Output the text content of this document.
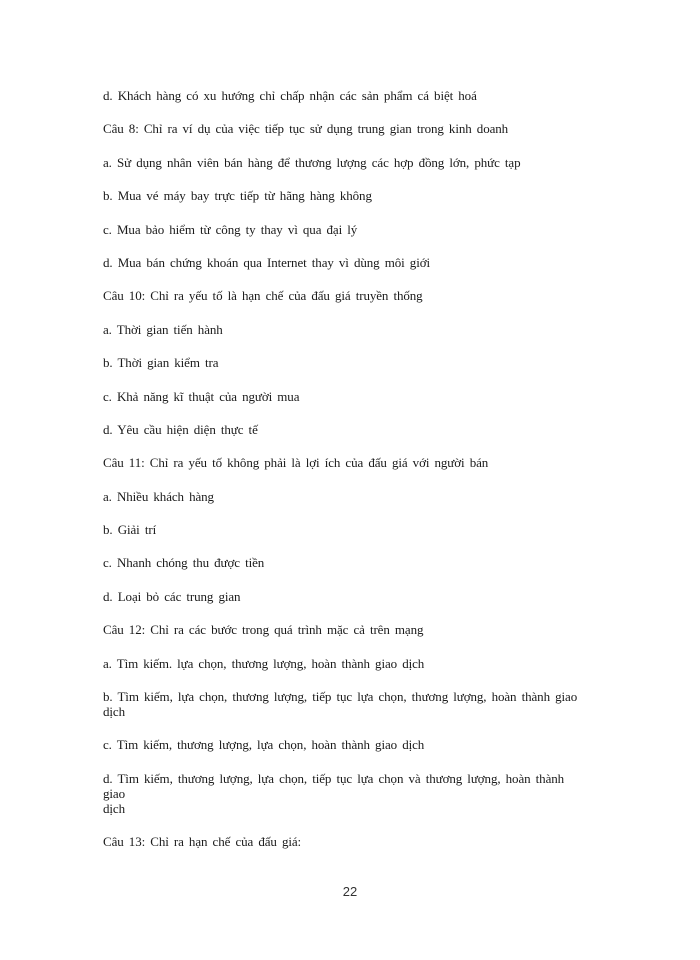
d. Khách hàng có xu hướng chỉ chấp nhận các sản phẩm cá biệt hoá

Câu 8: Chỉ ra ví dụ của việc tiếp tục sử dụng trung gian trong kinh doanh

a. Sử dụng nhân viên bán hàng để thương lượng các hợp đồng lớn, phức tạp

b. Mua vé máy bay trực tiếp từ hãng hàng không

c. Mua bảo hiểm từ công ty thay vì qua đại lý

d. Mua bán chứng khoán qua Internet thay vì dùng môi giới

Câu 10: Chỉ ra yếu tố là hạn chế của đấu giá truyền thống

a. Thời gian tiến hành

b. Thời gian kiểm tra

c. Khả năng kĩ thuật của người mua

d. Yêu cầu hiện diện thực tế

Câu 11: Chỉ ra yếu tố không phải là lợi ích của đấu giá với người bán

a. Nhiều khách hàng

b. Giải trí

c. Nhanh chóng thu được tiền

d. Loại bỏ các trung gian

Câu 12: Chỉ ra các bước trong quá trình mặc cả trên mạng

a. Tìm kiếm. lựa chọn, thương lượng, hoàn thành giao dịch

b. Tìm kiếm, lựa chọn, thương lượng, tiếp tục lựa chọn, thương lượng, hoàn thành giao

dịch

c. Tìm kiếm, thương lượng, lựa chọn, hoàn thành giao dịch

d. Tìm kiếm, thương lượng, lựa chọn, tiếp tục lựa chọn và thương lượng, hoàn thành giao

dịch

Câu 13: Chỉ ra hạn chế của đấu giá:

22
